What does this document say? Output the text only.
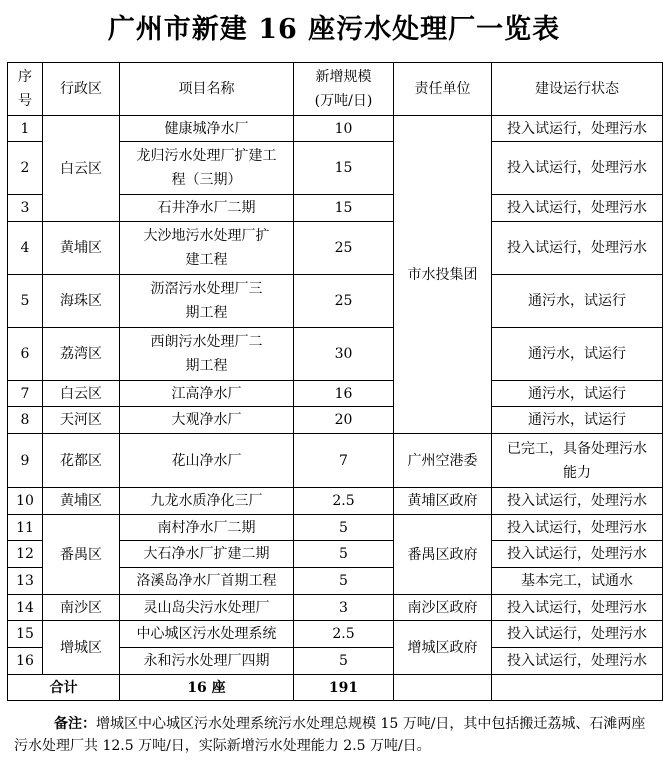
广州市新建 16 座污水处理厂一览表
序号	行政区	项目名称	新增规模(万吨/日)	责任单位	建设运行状态
1	白云区	健康城净水厂	10	市水投集团	投入试运行，处理污水
2		龙归污水处理厂扩建工程（三期）	15		投入试运行，处理污水
3		石井净水厂二期	15		投入试运行，处理污水
4	黄埔区	大沙地污水处理厂扩建工程	25		投入试运行，处理污水
5	海珠区	沥滘污水处理厂三期工程	25		通污水，试运行
6	荔湾区	西朗污水处理厂二期工程	30		通污水，试运行
7	白云区	江高净水厂	16		通污水，试运行
8	天河区	大观净水厂	20		通污水，试运行
9	花都区	花山净水厂	7	广州空港委	已完工，具备处理污水能力
10	黄埔区	九龙水质净化三厂	2.5	黄埔区政府	投入试运行，处理污水
11	番禺区	南村净水厂二期	5	番禺区政府	投入试运行，处理污水
12		大石净水厂扩建二期	5		投入试运行，处理污水
13		洛溪岛净水厂首期工程	5		基本完工，试通水
14	南沙区	灵山岛尖污水处理厂	3	南沙区政府	投入试运行，处理污水
15	增城区	中心城区污水处理系统	2.5	增城区政府	投入试运行，处理污水
16		永和污水处理厂四期	5		投入试运行，处理污水
合计		16 座	191		
备注：增城区中心城区污水处理系统污水处理总规模 15 万吨/日，其中包括搬迁荔城、石滩两座污水处理厂共 12.5 万吨/日，实际新增污水处理能力 2.5 万吨/日。
